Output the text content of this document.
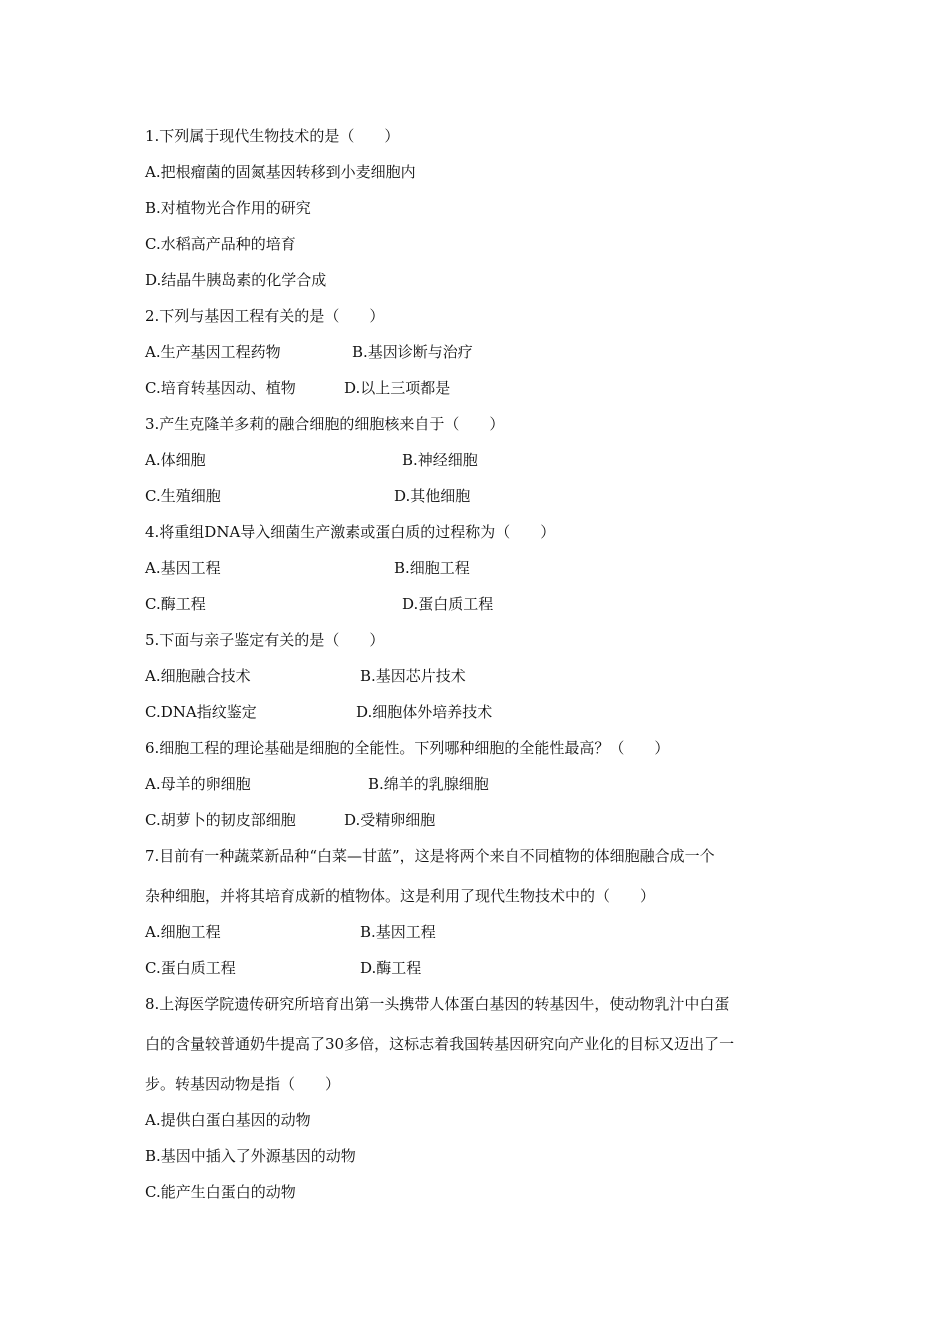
1.下列属于现代生物技术的是（　　）
A.把根瘤菌的固氮基因转移到小麦细胞内
B.对植物光合作用的研究
C.水稻高产品种的培育
D.结晶牛胰岛素的化学合成
2.下列与基因工程有关的是（　　）
A.生产基因工程药物	B.基因诊断与治疗
C.培育转基因动、植物	D.以上三项都是
3.产生克隆羊多莉的融合细胞的细胞核来自于（　　）
A.体细胞	B.神经细胞
C.生殖细胞	D.其他细胞
4.将重组DNA导入细菌生产激素或蛋白质的过程称为（　　）
A.基因工程	B.细胞工程
C.酶工程	D.蛋白质工程
5.下面与亲子鉴定有关的是（　　）
A.细胞融合技术	B.基因芯片技术
C.DNA指纹鉴定	D.细胞体外培养技术
6.细胞工程的理论基础是细胞的全能性。下列哪种细胞的全能性最高？（　　）
A.母羊的卵细胞	B.绵羊的乳腺细胞
C.胡萝卜的韧皮部细胞	D.受精卵细胞
7.目前有一种蔬菜新品种“白菜—甘蓝”，这是将两个来自不同植物的体细胞融合成一个
杂种细胞，并将其培育成新的植物体。这是利用了现代生物技术中的（　　）
A.细胞工程	B.基因工程
C.蛋白质工程	D.酶工程
8.上海医学院遗传研究所培育出第一头携带人体蛋白基因的转基因牛，使动物乳汁中白蛋
白的含量较普通奶牛提高了30多倍，这标志着我国转基因研究向产业化的目标又迈出了一
步。转基因动物是指（　　）
A.提供白蛋白基因的动物
B.基因中插入了外源基因的动物
C.能产生白蛋白的动物
